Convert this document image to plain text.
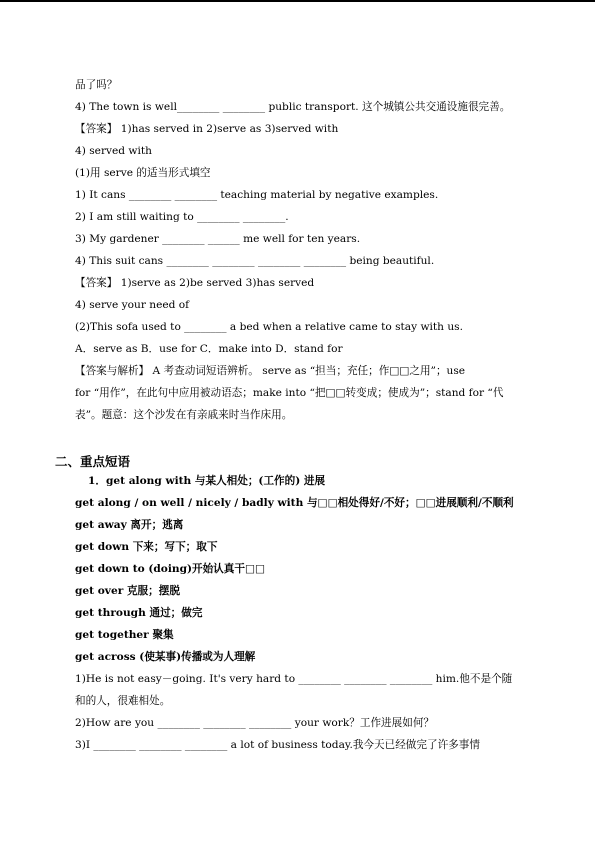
品了吗？
4) The town is well________ ________ public transport. 这个城镇公共交通设施很完善。
【答案】 1)has served in 2)serve as 3)served with
4) served with
(1)用 serve 的适当形式填空
1) It cans ________ ________ teaching material by negative examples.
2) I am still waiting to ________ ________.
3) My gardener ________ ______ me well for ten years.
4) This suit cans ________ ________ ________ ________ being beautiful.
【答案】 1)serve as 2)be served 3)has served
4) serve your need of
(2)This sofa used to ________ a bed when a relative came to stay with us.
A．serve as B．use for C．make into D．stand for
【答案与解析】 A 考查动词短语辨析。 serve as “担当；充任；作□□之用”；use
for “用作”，在此句中应用被动语态；make into “把□□转变成；使成为”；stand for “代
表”。题意：这个沙发在有亲戚来时当作床用。
二、重点短语
1．get along with 与某人相处；(工作的) 进展
get along / on well / nicely / badly with 与□□相处得好/不好；□□进展顺利/不顺利
get away 离开；逃离
get down 下来；写下；取下
get down to (doing)开始认真干□□
get over 克服；摆脱
get through 通过；做完
get together 聚集
get across (使某事)传播或为人理解
1)He is not easy－going. It's very hard to ________ ________ ________ him.他不是个随
和的人，很难相处。
2)How are you ________ ________ ________ your work？工作进展如何？
3)I ________ ________ ________ a lot of business today.我今天已经做完了许多事情
